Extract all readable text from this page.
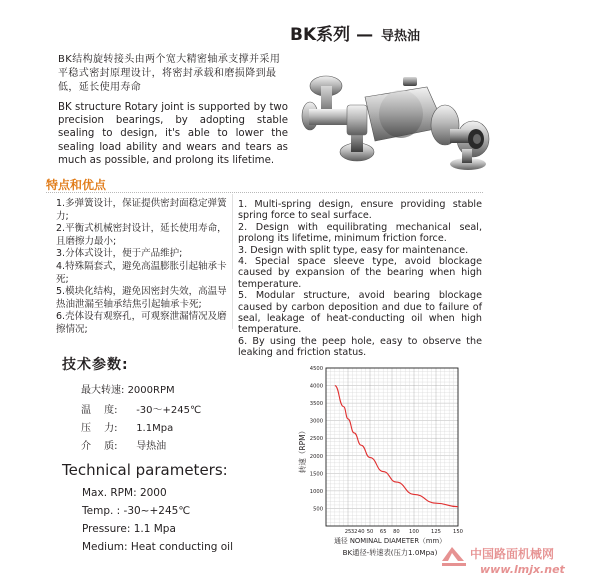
BK系列 — 导热油
BK结构旋转接头由两个宽大精密轴承支撑并采用平稳式密封原理设计，将密封承载和磨损降到最低，延长使用寿命
BK structure Rotary joint is supported by two precision bearings, by adopting stable sealing to design, it's able to lower the sealing load ability and wears and tears as much as possible, and prolong its lifetime.
特点和优点
1.多弹簧设计，保证提供密封面稳定弹簧力;
2.平衡式机械密封设计，延长使用寿命，且磨擦力最小;
3.分体式设计，便于产品维护;
4.特殊隔套式，避免高温膨胀引起轴承卡死;
5.模块化结构，避免因密封失效，高温导热油泄漏至轴承结焦引起轴承卡死;
6.壳体设有观察孔，可观察泄漏情况及磨擦情况;
1. Multi-spring design, ensure providing stable spring force to seal surface.
2. Design with equilibrating mechanical seal, prolong its lifetime, minimum friction force.
3. Design with split type, easy for maintenance.
4. Special space sleeve type, avoid blockage caused by expansion of the bearing when high temperature.
5. Modular structure, avoid bearing blockage caused by carbon deposition and due to failure of seal, leakage of heat-conducting oil when high temperature.
6. By using the peep hole, easy to observe the leaking and friction status.
技术参数:
最大转速: 2000RPM
温　 度: -30～+245℃
压　 力: 1.1Mpa
介　 质: 导热油
Technical parameters:
Max. RPM: 2000
Temp. : -30~+245℃
Pressure: 1.1 Mpa
Medium: Heat conducting oil
500
1000
1500
2000
2500
3000
3500
4000
4500
25 32 40 50 65 80 100 125 150
转速（RPM）
通径 NOMINAL DIAMETER（mm）
BK通径-转速表(压力1.0Mpa)	中国路面机械网
www.lmjx.net
